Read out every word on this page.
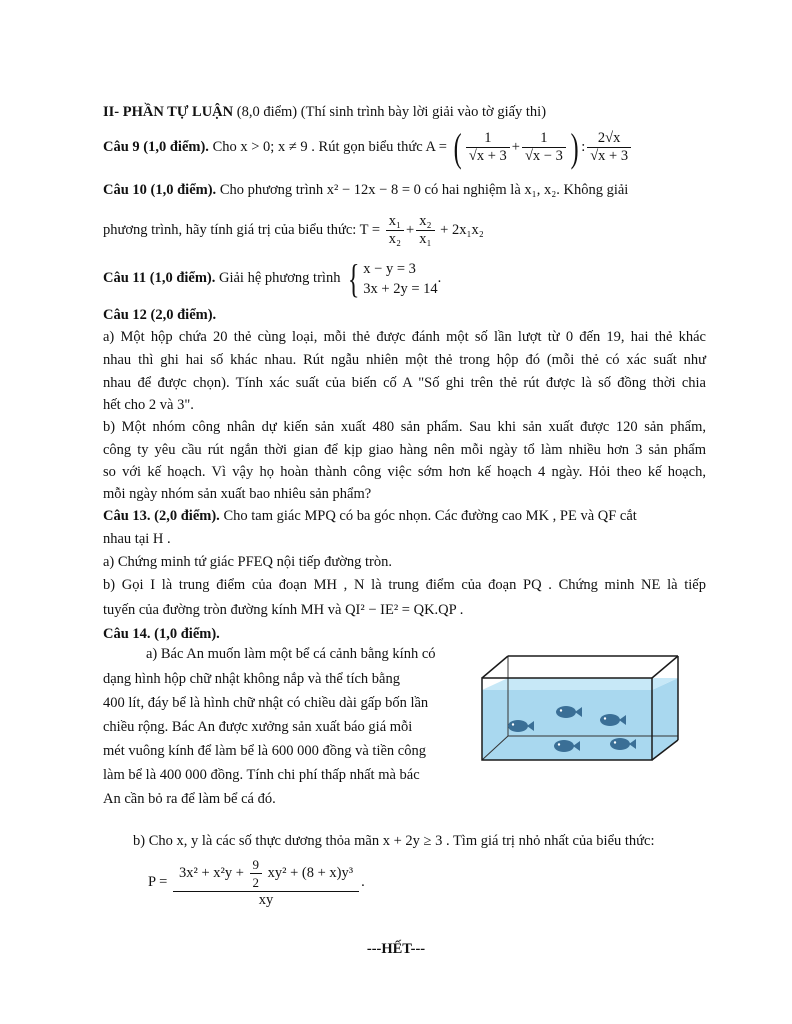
II- PHẦN TỰ LUẬN (8,0 điểm) (Thí sinh trình bày lời giải vào tờ giấy thi)
Câu 9 (1,0 điểm). Cho x > 0; x ≠ 9 . Rút gọn biểu thức A = ( $\frac{1}{√x + 3} + \frac{1}{√x - 3}$ ) : $\frac{2√x}{√x + 3}$
Câu 10 (1,0 điểm). Cho phương trình x² − 12x − 8 = 0 có hai nghiệm là x₁, x₂. Không giải
phương trình, hãy tính giá trị của biểu thức: $T = \frac{\text{x₁}}{\text{x₂}} + \frac{\text{x₂}}{\text{x₁}} + 2x_1x_2$
Câu 11 (1,0 điểm). Giải hệ phương trình { x − y = 3
3x + 2y = 14
.
Câu 12 (2,0 điểm).
a) Một hộp chứa 20 thẻ cùng loại, mỗi thẻ được đánh một số lần lượt từ 0 đến 19, hai thẻ khác
nhau thì ghi hai số khác nhau. Rút ngẫu nhiên một thẻ trong hộp đó (mỗi thẻ có xác suất như
nhau để được chọn). Tính xác suất của biến cố A "Số ghi trên thẻ rút được là số đồng thời chia
hết cho 2 và 3".
b) Một nhóm công nhân dự kiến sản xuất 480 sản phẩm. Sau khi sản xuất được 120 sản phẩm,
công ty yêu cầu rút ngắn thời gian để kịp giao hàng nên mỗi ngày tổ làm nhiều hơn 3 sản phẩm
so với kế hoạch. Vì vậy họ hoàn thành công việc sớm hơn kế hoạch 4 ngày. Hỏi theo kế hoạch,
mỗi ngày nhóm sản xuất bao nhiêu sản phẩm?
Câu 13. (2,0 điểm). Cho tam giác MPQ có ba góc nhọn. Các đường cao MK , PE và QF cắt
nhau tại H .
a) Chứng minh tứ giác PFEQ nội tiếp đường tròn.
b) Gọi I là trung điểm của đoạn MH , N là trung điểm của đoạn PQ . Chứng minh NE là tiếp
tuyến của đường tròn đường kính MH và QI² − IE² = QK.QP .
Câu 14. (1,0 điểm).
a) Bác An muốn làm một bể cá cảnh bằng kính có
dạng hình hộp chữ nhật không nắp và thể tích bằng
400 lít, đáy bể là hình chữ nhật có chiều dài gấp bốn lần
chiều rộng. Bác An được xưởng sản xuất báo giá mỗi
mét vuông kính để làm bể là 600 000 đồng và tiền công
làm bể là 400 000 đồng. Tính chi phí thấp nhất mà bác
An cần bỏ ra để làm bể cá đó.
b) Cho x, y là các số thực dương thỏa mãn x + 2y ≥ 3 . Tìm giá trị nhỏ nhất của biểu thức:
$P = \frac{3x^2 + x^2y + \frac{9}{2} xy^2 + (8 + x)y^3}{xy}$ .
---HẾT---
